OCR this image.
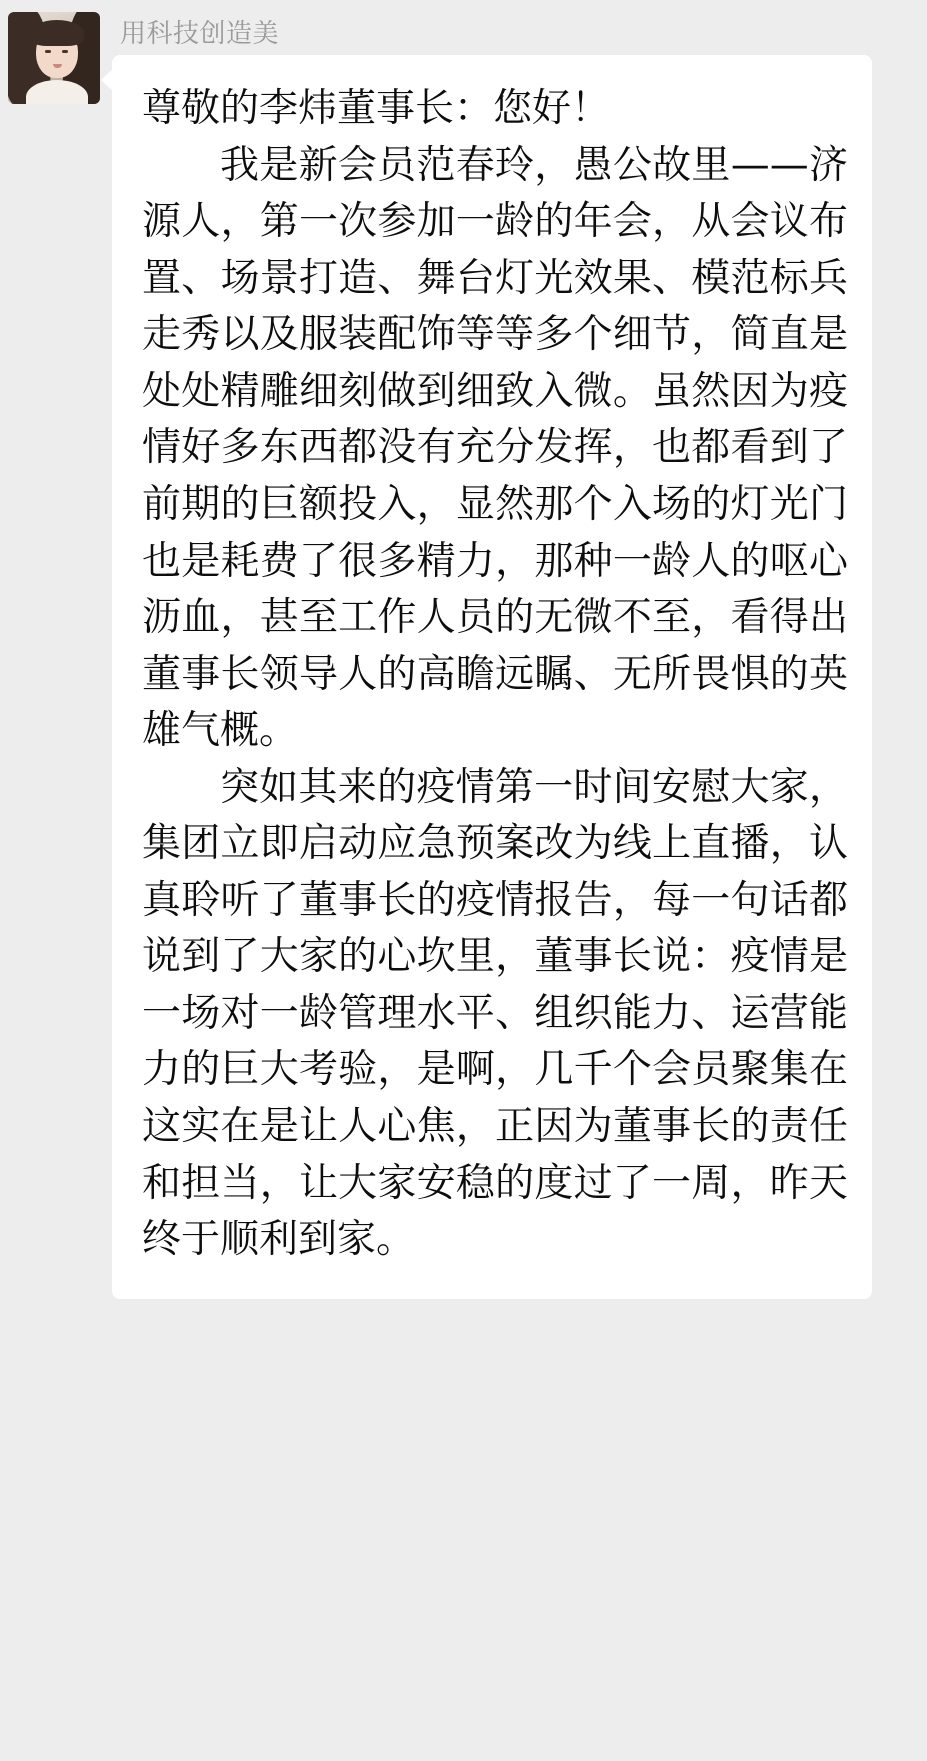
用科技创造美

尊敬的李炜董事长：您好！

我是新会员范春玲，愚公故里——济源人，第一次参加一龄的年会，从会议布置、场景打造、舞台灯光效果、模范标兵走秀以及服装配饰等等多个细节，简直是处处精雕细刻做到细致入微。虽然因为疫情好多东西都没有充分发挥，也都看到了前期的巨额投入，显然那个入场的灯光门也是耗费了很多精力，那种一龄人的呕心沥血，甚至工作人员的无微不至，看得出董事长领导人的高瞻远瞩、无所畏惧的英雄气概。

突如其来的疫情第一时间安慰大家，集团立即启动应急预案改为线上直播，认真聆听了董事长的疫情报告，每一句话都说到了大家的心坎里，董事长说：疫情是一场对一龄管理水平、组织能力、运营能力的巨大考验，是啊，几千个会员聚集在这实在是让人心焦，正因为董事长的责任和担当，让大家安稳的度过了一周，昨天终于顺利到家。
